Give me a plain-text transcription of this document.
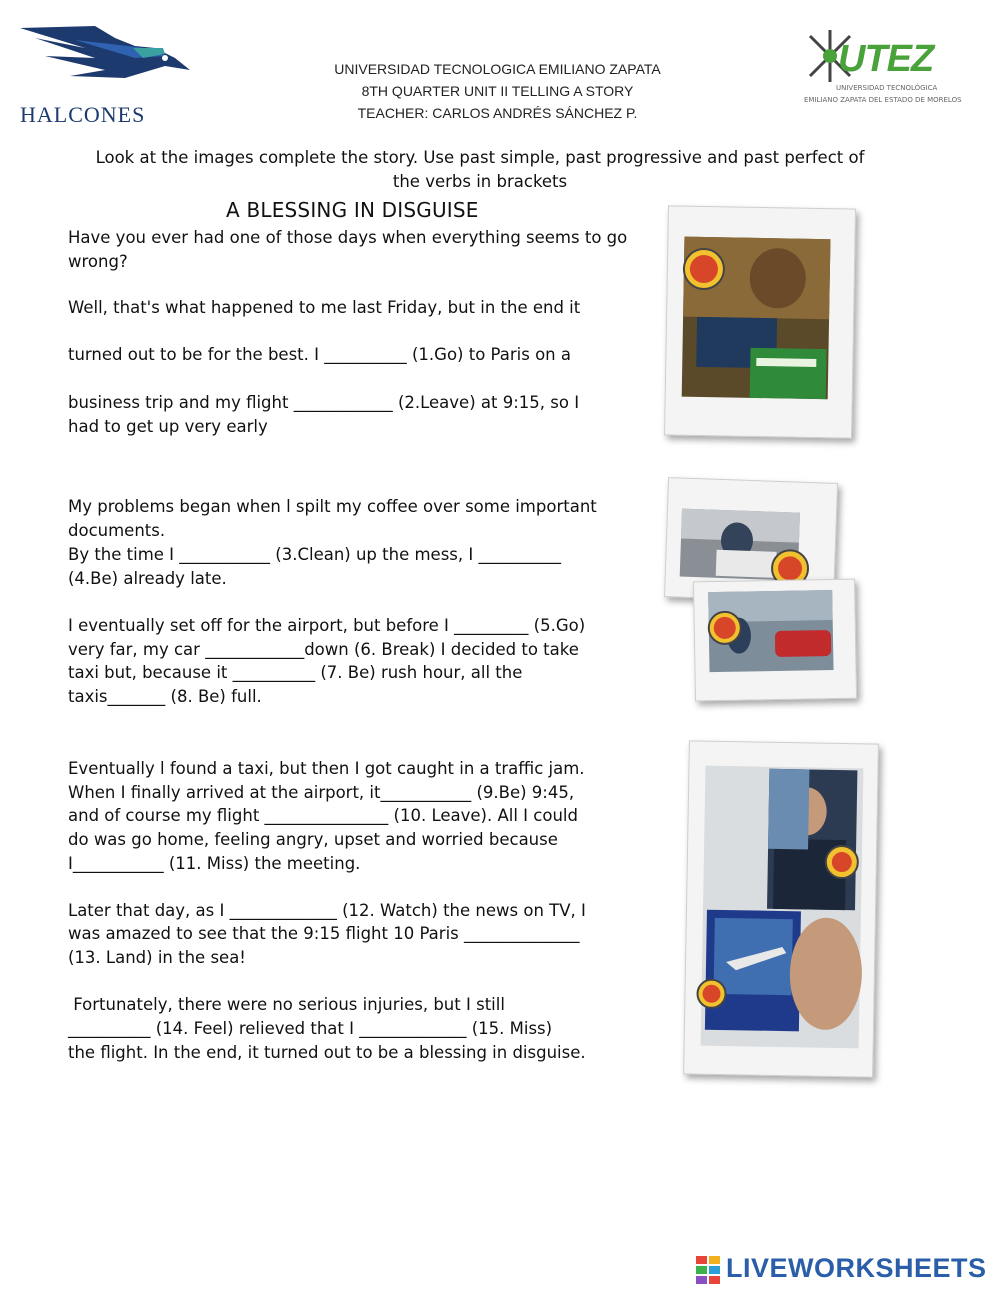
HALCONES
UNIVERSIDAD TECNOLOGICA EMILIANO ZAPATA
8TH QUARTER UNIT II TELLING A STORY
TEACHER: CARLOS ANDRÉS SÁNCHEZ P.
UTEZ
UNIVERSIDAD TECNOLÓGICA
EMILIANO ZAPATA DEL ESTADO DE MORELOS
Look at the images complete the story. Use past simple, past progressive and past perfect of
the verbs in brackets
A BLESSING IN DISGUISE
Have you ever had one of those days when everything seems to go wrong?
Well, that's what happened to me last Friday, but in the end it
turned out to be for the best. I __________ (1.Go) to Paris on a
business trip and my flight ____________ (2.Leave) at 9:15, so I
had to get up very early
My problems began when l spilt my coffee over some important
documents.
By the time I ___________ (3.Clean) up the mess, I __________
(4.Be) already late.
I eventually set off for the airport, but before I _________ (5.Go)
very far, my car ____________down (6. Break) I decided to take
taxi but, because it __________ (7. Be) rush hour, all the
taxis_______ (8. Be) full.
Eventually l found a taxi, but then I got caught in a traffic jam.
When I finally arrived at the airport, it___________ (9.Be) 9:45,
and of course my flight _______________ (10. Leave). All I could
do was go home, feeling angry, upset and worried because
I___________ (11. Miss) the meeting.
Later that day, as I _____________ (12. Watch) the news on TV, I
was amazed to see that the 9:15 flight 10 Paris ______________
(13. Land) in the sea!
Fortunately, there were no serious injuries, but I still
__________ (14. Feel) relieved that I _____________ (15. Miss)
the flight. In the end, it turned out to be a blessing in disguise.
LIVEWORKSHEETS
